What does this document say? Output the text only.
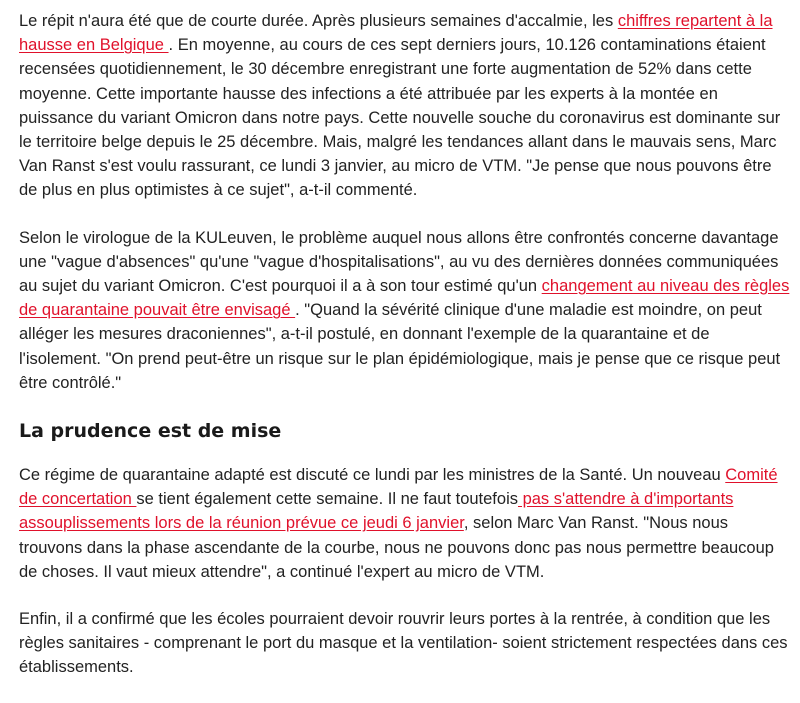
Le répit n'aura été que de courte durée. Après plusieurs semaines d'accalmie, les chiffres repartent à la hausse en Belgique . En moyenne, au cours de ces sept derniers jours, 10.126 contaminations étaient recensées quotidiennement, le 30 décembre enregistrant une forte augmentation de 52% dans cette moyenne. Cette importante hausse des infections a été attribuée par les experts à la montée en puissance du variant Omicron dans notre pays. Cette nouvelle souche du coronavirus est dominante sur le territoire belge depuis le 25 décembre. Mais, malgré les tendances allant dans le mauvais sens, Marc Van Ranst s'est voulu rassurant, ce lundi 3 janvier, au micro de VTM. "Je pense que nous pouvons être de plus en plus optimistes à ce sujet", a-t-il commenté.

Selon le virologue de la KULeuven, le problème auquel nous allons être confrontés concerne davantage une "vague d'absences" qu'une "vague d'hospitalisations", au vu des dernières données communiquées au sujet du variant Omicron. C'est pourquoi il a à son tour estimé qu'un changement au niveau des règles de quarantaine pouvait être envisagé . "Quand la sévérité clinique d'une maladie est moindre, on peut alléger les mesures draconiennes", a-t-il postulé, en donnant l'exemple de la quarantaine et de l'isolement. "On prend peut-être un risque sur le plan épidémiologique, mais je pense que ce risque peut être contrôlé."

La prudence est de mise

Ce régime de quarantaine adapté est discuté ce lundi par les ministres de la Santé. Un nouveau Comité de concertation se tient également cette semaine. Il ne faut toutefois pas s'attendre à d'importants assouplissements lors de la réunion prévue ce jeudi 6 janvier, selon Marc Van Ranst. "Nous nous trouvons dans la phase ascendante de la courbe, nous ne pouvons donc pas nous permettre beaucoup de choses. Il vaut mieux attendre", a continué l'expert au micro de VTM.

Enfin, il a confirmé que les écoles pourraient devoir rouvrir leurs portes à la rentrée, à condition que les règles sanitaires - comprenant le port du masque et la ventilation- soient strictement respectées dans ces établissements.
